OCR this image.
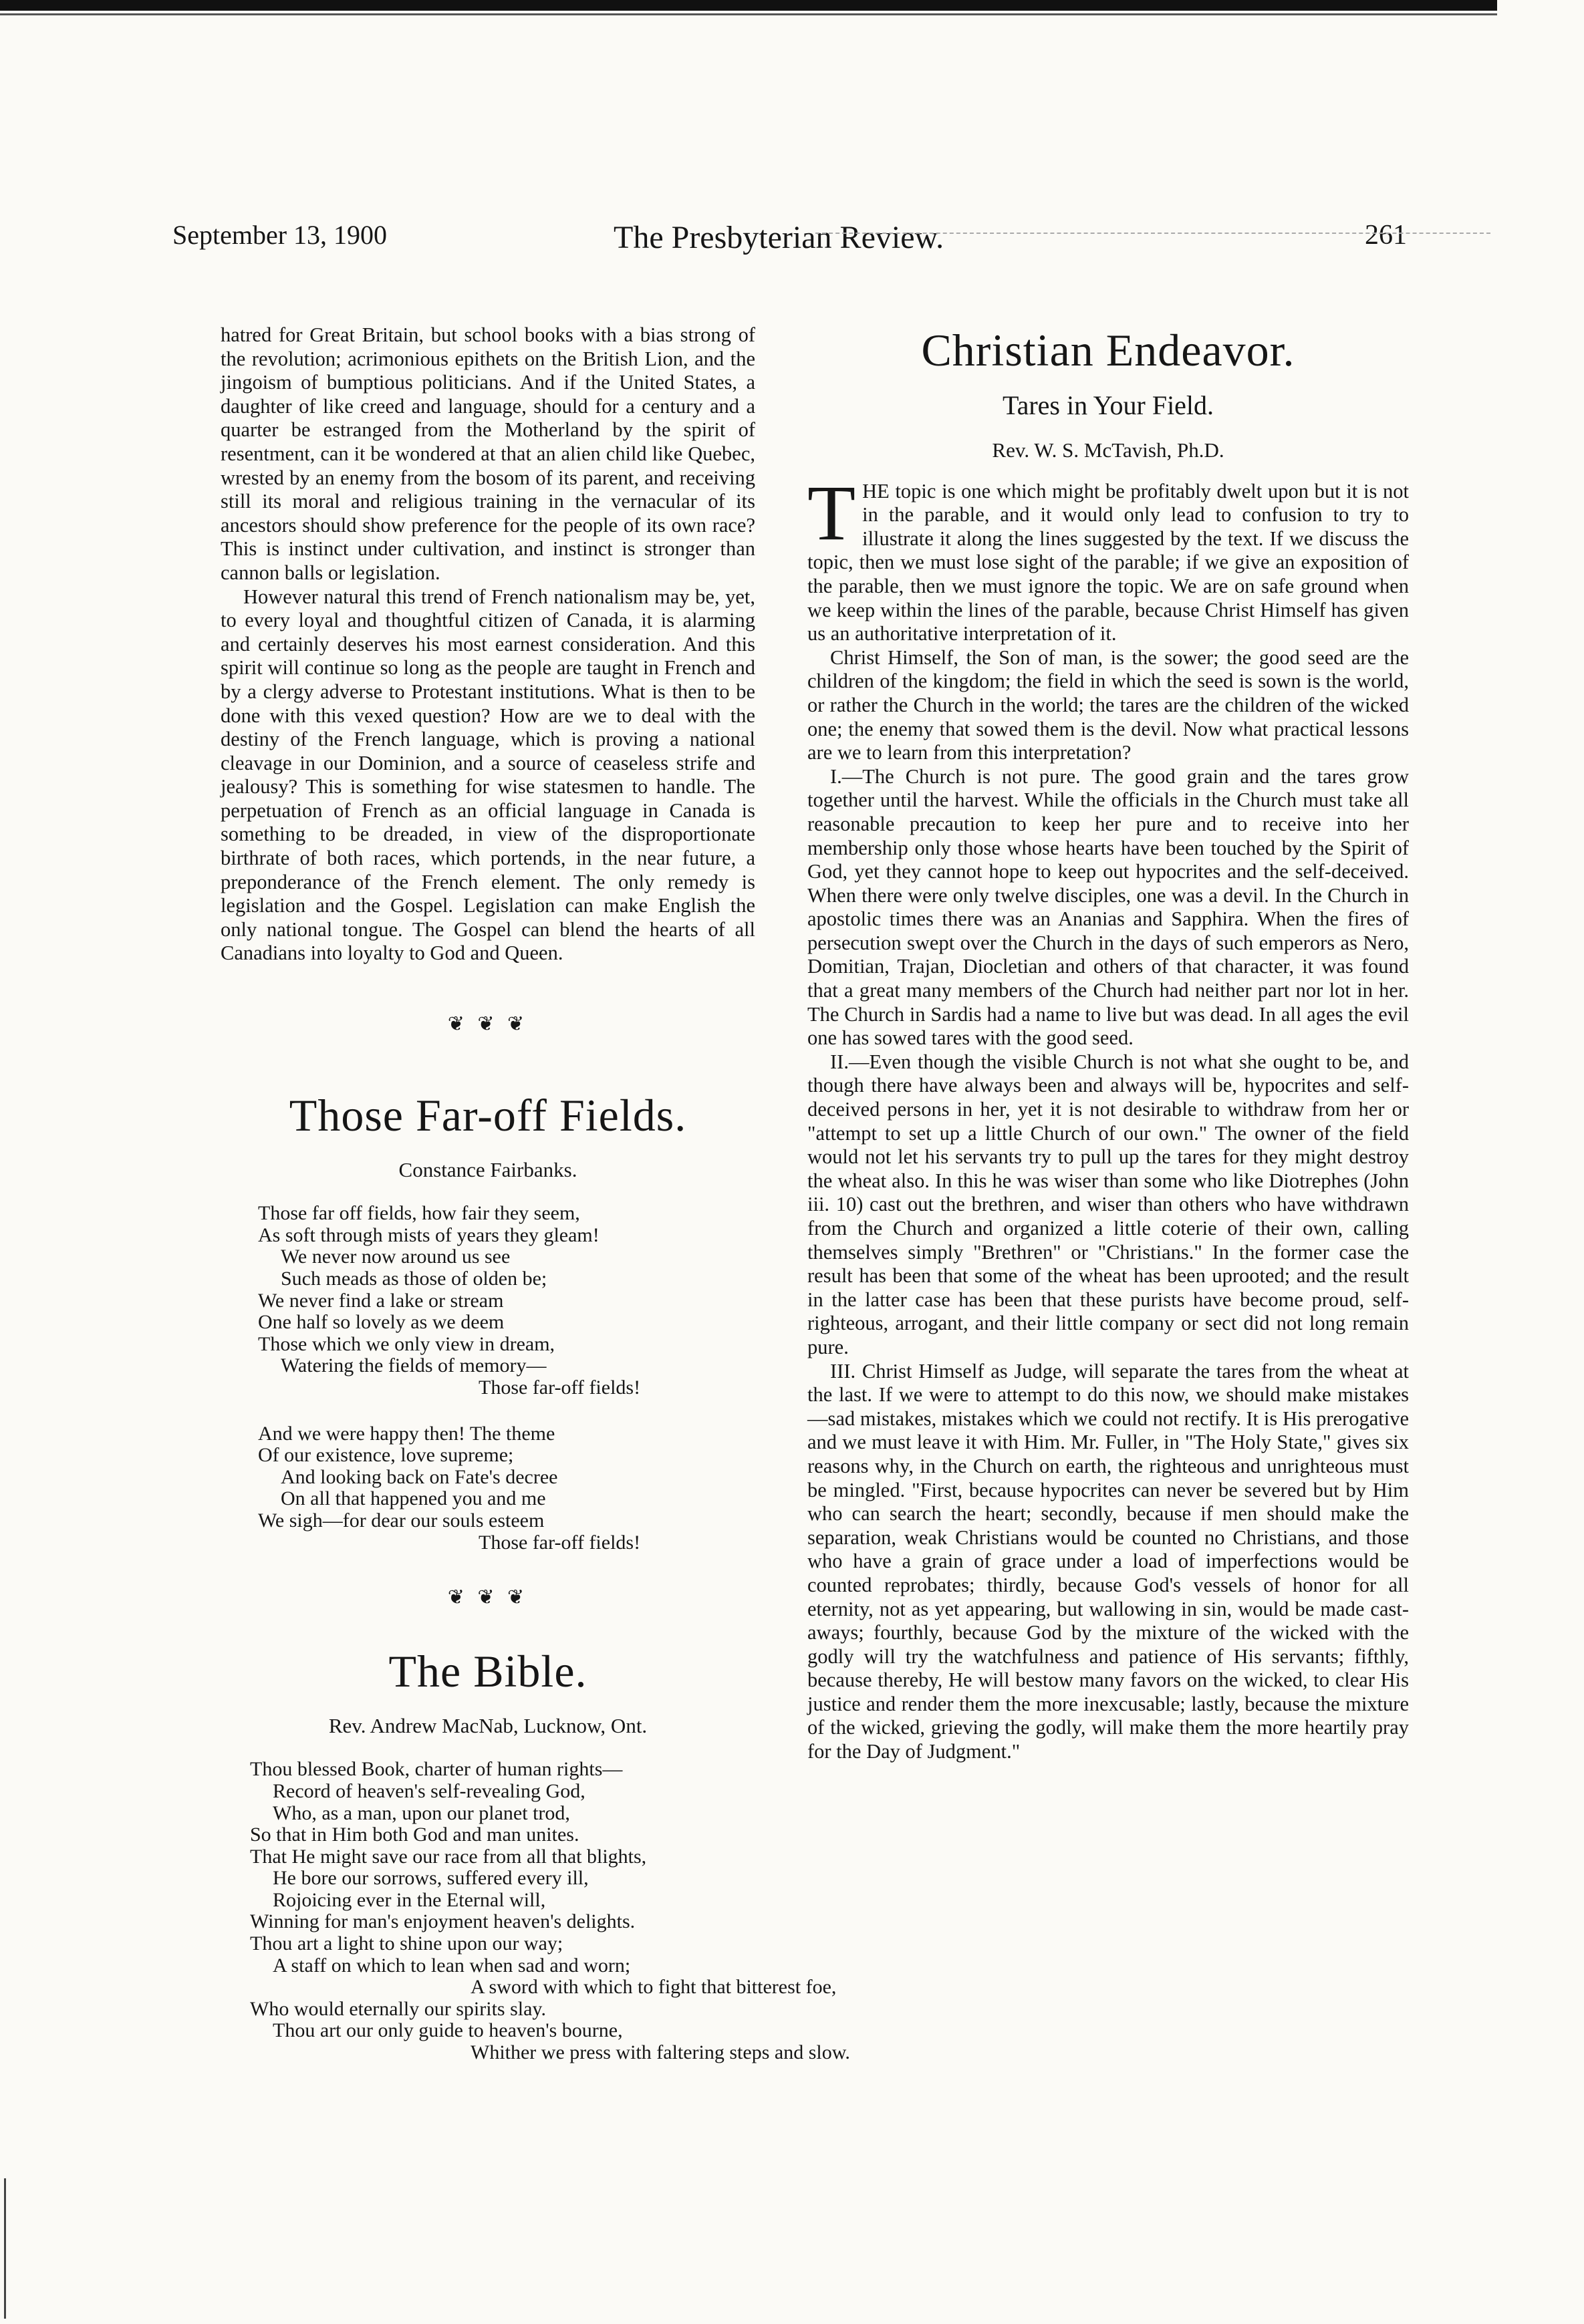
September 13, 1900	The Presbyterian Review.	261

hatred for Great Britain, but school books with a bias strong of the revolution; acrimonious epithets on the British Lion, and the jingoism of bumptious politicians. And if the United States, a daughter of like creed and language, should for a century and a quarter be estranged from the Motherland by the spirit of resentment, can it be wondered at that an alien child like Quebec, wrested by an enemy from the bosom of its parent, and receiving still its moral and religious training in the vernacular of its ancestors should show preference for the people of its own race? This is instinct under cultivation, and instinct is stronger than cannon balls or legislation.

However natural this trend of French nationalism may be, yet, to every loyal and thoughtful citizen of Canada, it is alarming and certainly deserves his most earnest consideration. And this spirit will continue so long as the people are taught in French and by a clergy adverse to Protestant institutions. What is then to be done with this vexed question? How are we to deal with the destiny of the French language, which is proving a national cleavage in our Dominion, and a source of ceaseless strife and jealousy? This is something for wise statesmen to handle. The perpetuation of French as an official language in Canada is something to be dreaded, in view of the disproportionate birthrate of both races, which portends, in the near future, a preponderance of the French element. The only remedy is legislation and the Gospel. Legislation can make English the only national tongue. The Gospel can blend the hearts of all Canadians into loyalty to God and Queen.

❦ ❦ ❦
Those Far-off Fields.
Constance Fairbanks.
Those far off fields, how fair they seem,
As soft through mists of years they gleam!
We never now around us see
Such meads as those of olden be;
We never find a lake or stream
One half so lovely as we deem
Those which we only view in dream,
Watering the fields of memory—
Those far-off fields!
And we were happy then! The theme
Of our existence, love supreme;
And looking back on Fate's decree
On all that happened you and me
We sigh—for dear our souls esteem
Those far-off fields!
❦ ❦ ❦
The Bible.
Rev. Andrew MacNab, Lucknow, Ont.
Thou blessed Book, charter of human rights—
Record of heaven's self-revealing God,
Who, as a man, upon our planet trod,
So that in Him both God and man unites.
That He might save our race from all that blights,
He bore our sorrows, suffered every ill,
Rojoicing ever in the Eternal will,
Winning for man's enjoyment heaven's delights.
Thou art a light to shine upon our way;
A staff on which to lean when sad and worn;
A sword with which to fight that bitterest foe,
Who would eternally our spirits slay.
Thou art our only guide to heaven's bourne,
Whither we press with faltering steps and slow.
Christian Endeavor.
Tares in Your Field.
Rev. W. S. McTavish, Ph.D.

THE topic is one which might be profitably dwelt upon but it is not in the parable, and it would only lead to confusion to try to illustrate it along the lines suggested by the text. If we discuss the topic, then we must lose sight of the parable; if we give an exposition of the parable, then we must ignore the topic. We are on safe ground when we keep within the lines of the parable, because Christ Himself has given us an authoritative interpretation of it.

Christ Himself, the Son of man, is the sower; the good seed are the children of the kingdom; the field in which the seed is sown is the world, or rather the Church in the world; the tares are the children of the wicked one; the enemy that sowed them is the devil. Now what practical lessons are we to learn from this interpretation?

I.—The Church is not pure. The good grain and the tares grow together until the harvest. While the officials in the Church must take all reasonable precaution to keep her pure and to receive into her membership only those whose hearts have been touched by the Spirit of God, yet they cannot hope to keep out hypocrites and the self-deceived. When there were only twelve disciples, one was a devil. In the Church in apostolic times there was an Ananias and Sapphira. When the fires of persecution swept over the Church in the days of such emperors as Nero, Domitian, Trajan, Diocletian and others of that character, it was found that a great many members of the Church had neither part nor lot in her. The Church in Sardis had a name to live but was dead. In all ages the evil one has sowed tares with the good seed.

II.—Even though the visible Church is not what she ought to be, and though there have always been and always will be, hypocrites and self-deceived persons in her, yet it is not desirable to withdraw from her or "attempt to set up a little Church of our own." The owner of the field would not let his servants try to pull up the tares for they might destroy the wheat also. In this he was wiser than some who like Diotrephes (John iii. 10) cast out the brethren, and wiser than others who have withdrawn from the Church and organized a little coterie of their own, calling themselves simply "Brethren" or "Christians." In the former case the result has been that some of the wheat has been uprooted; and the result in the latter case has been that these purists have become proud, self-righteous, arrogant, and their little company or sect did not long remain pure.

III. Christ Himself as Judge, will separate the tares from the wheat at the last. If we were to attempt to do this now, we should make mistakes—sad mistakes, mistakes which we could not rectify. It is His prerogative and we must leave it with Him. Mr. Fuller, in "The Holy State," gives six reasons why, in the Church on earth, the righteous and unrighteous must be mingled. "First, because hypocrites can never be severed but by Him who can search the heart; secondly, because if men should make the separation, weak Christians would be counted no Christians, and those who have a grain of grace under a load of imperfections would be counted reprobates; thirdly, because God's vessels of honor for all eternity, not as yet appearing, but wallowing in sin, would be made cast-aways; fourthly, because God by the mixture of the wicked with the godly will try the watchfulness and patience of His servants; fifthly, because thereby, He will bestow many favors on the wicked, to clear His justice and render them the more inexcusable; lastly, because the mixture of the wicked, grieving the godly, will make them the more heartily pray for the Day of Judgment."
